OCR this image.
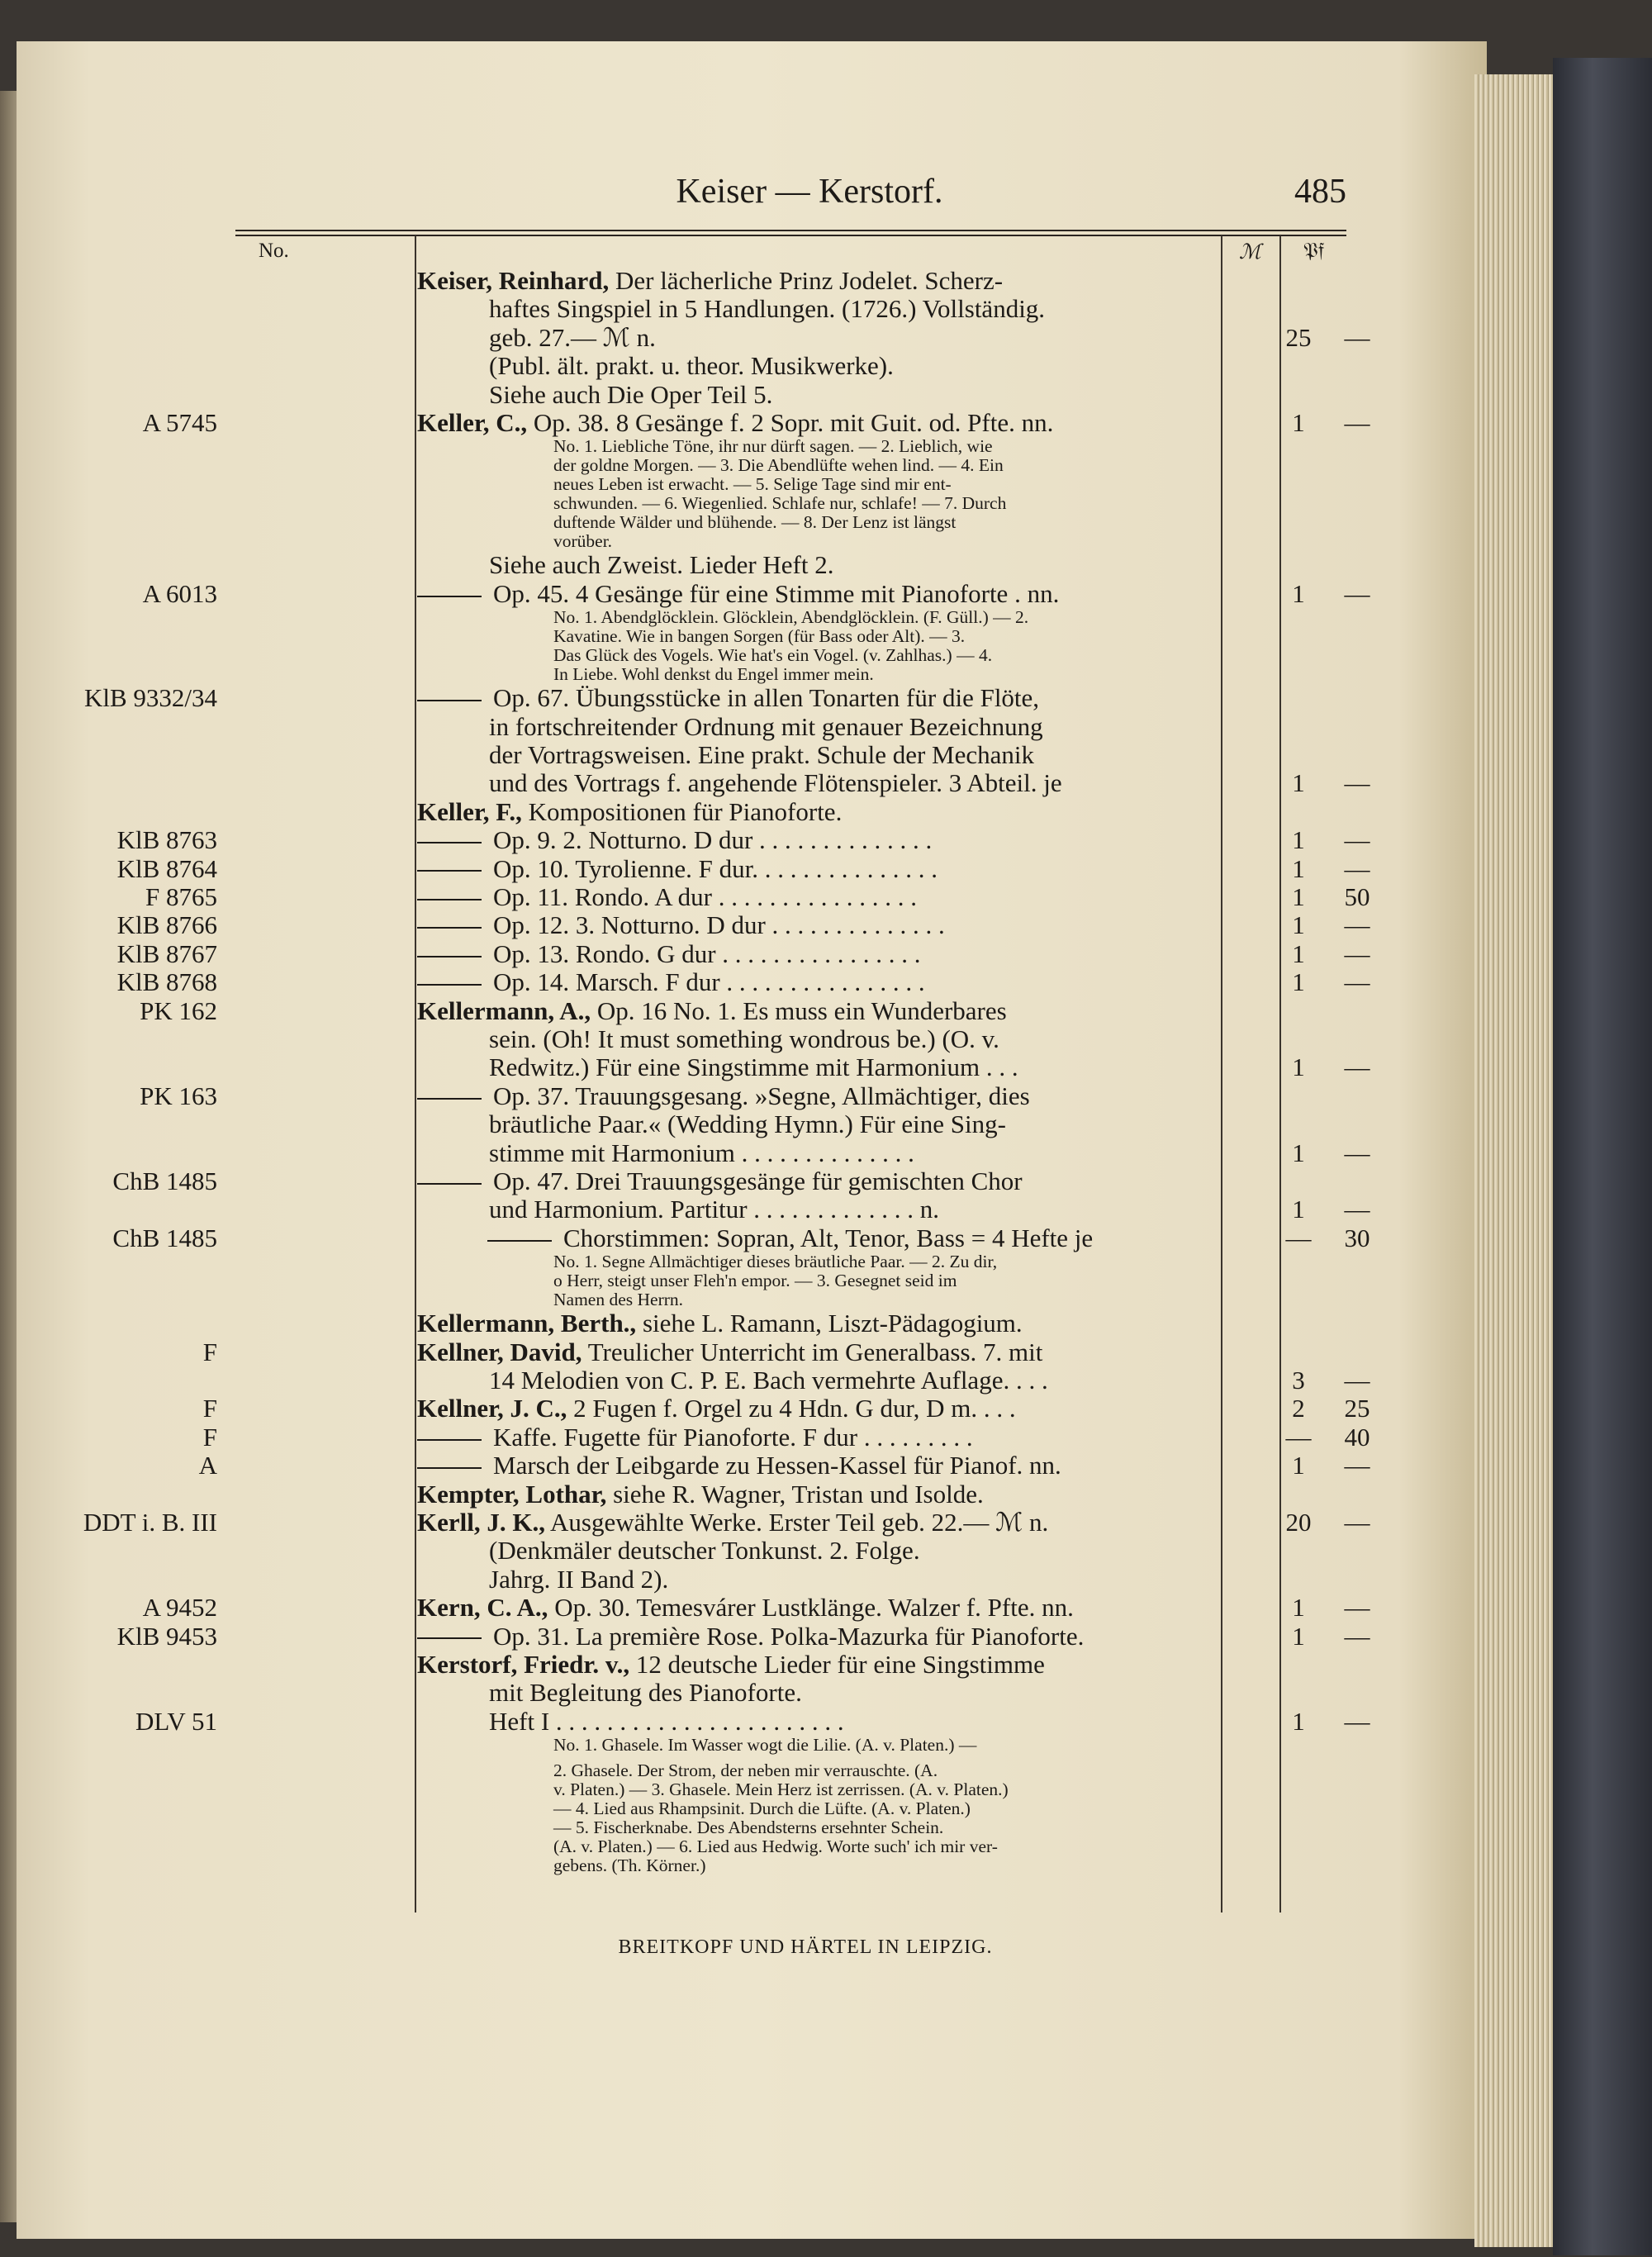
Keiser — Kerstorf.	485
No.	ℳ 𝔓𝔣
Keiser, Reinhard, Der lächerliche Prinz Jodelet. Scherz-
haftes Singspiel in 5 Handlungen. (1726.) Vollständig.
geb. 27.— ℳ n.	25	—
(Publ. ält. prakt. u. theor. Musikwerke).
Siehe auch Die Oper Teil 5.
A 5745	Keller, C., Op. 38. 8 Gesänge f. 2 Sopr. mit Guit. od. Pfte. nn.	1	—
No. 1. Liebliche Töne, ihr nur dürft sagen. — 2. Lieblich, wie
der goldne Morgen. — 3. Die Abendlüfte wehen lind. — 4. Ein
neues Leben ist erwacht. — 5. Selige Tage sind mir ent-
schwunden. — 6. Wiegenlied. Schlafe nur, schlafe! — 7. Durch
duftende Wälder und blühende. — 8. Der Lenz ist längst
vorüber.
Siehe auch Zweist. Lieder Heft 2.
A 6013	Op. 45. 4 Gesänge für eine Stimme mit Pianoforte . nn.	1	—
No. 1. Abendglöcklein. Glöcklein, Abendglöcklein. (F. Güll.) — 2.
Kavatine. Wie in bangen Sorgen (für Bass oder Alt). — 3.
Das Glück des Vogels. Wie hat's ein Vogel. (v. Zahlhas.) — 4.
In Liebe. Wohl denkst du Engel immer mein.
KlB 9332/34	Op. 67. Übungsstücke in allen Tonarten für die Flöte,
in fortschreitender Ordnung mit genauer Bezeichnung
der Vortragsweisen. Eine prakt. Schule der Mechanik
und des Vortrags f. angehende Flötenspieler. 3 Abteil. je	1	—
Keller, F., Kompositionen für Pianoforte.
KlB 8763	Op. 9. 2. Notturno. D dur . . . . . . . . . . . . . .	1	—
KlB 8764	Op. 10. Tyrolienne. F dur. . . . . . . . . . . . . . .	1	—
F 8765	Op. 11. Rondo. A dur . . . . . . . . . . . . . . . .	1	50
KlB 8766	Op. 12. 3. Notturno. D dur . . . . . . . . . . . . . .	1	—
KlB 8767	Op. 13. Rondo. G dur . . . . . . . . . . . . . . . .	1	—
KlB 8768	Op. 14. Marsch. F dur . . . . . . . . . . . . . . . .	1	—
PK 162	Kellermann, A., Op. 16 No. 1. Es muss ein Wunderbares
sein. (Oh! It must something wondrous be.) (O. v.
Redwitz.) Für eine Singstimme mit Harmonium . . .	1	—
PK 163	Op. 37. Trauungsgesang. »Segne, Allmächtiger, dies
bräutliche Paar.« (Wedding Hymn.) Für eine Sing-
stimme mit Harmonium . . . . . . . . . . . . . .	1	—
ChB 1485	Op. 47. Drei Trauungsgesänge für gemischten Chor
und Harmonium. Partitur . . . . . . . . . . . . . n.	1	—
ChB 1485	Chorstimmen: Sopran, Alt, Tenor, Bass = 4 Hefte je	—	30
No. 1. Segne Allmächtiger dieses bräutliche Paar. — 2. Zu dir,
o Herr, steigt unser Fleh'n empor. — 3. Gesegnet seid im
Namen des Herrn.
Kellermann, Berth., siehe L. Ramann, Liszt-Pädagogium.
F	Kellner, David, Treulicher Unterricht im Generalbass. 7. mit
14 Melodien von C. P. E. Bach vermehrte Auflage. . . .	3	—
F	Kellner, J. C., 2 Fugen f. Orgel zu 4 Hdn. G dur, D m. . . .	2	25
F	Kaffe. Fugette für Pianoforte. F dur . . . . . . . . .	—	40
A	Marsch der Leibgarde zu Hessen-Kassel für Pianof. nn.	1	—
Kempter, Lothar, siehe R. Wagner, Tristan und Isolde.
DDT i. B. III	Kerll, J. K., Ausgewählte Werke. Erster Teil geb. 22.— ℳ n.	20	—
(Denkmäler deutscher Tonkunst. 2. Folge.
Jahrg. II Band 2).
A 9452	Kern, C. A., Op. 30. Temesvárer Lustklänge. Walzer f. Pfte. nn.	1	—
KlB 9453	Op. 31. La première Rose. Polka-Mazurka für Pianoforte.	1	—
Kerstorf, Friedr. v., 12 deutsche Lieder für eine Singstimme
mit Begleitung des Pianoforte.
DLV 51	Heft I . . . . . . . . . . . . . . . . . . . . . . .	1	—
No. 1. Ghasele. Im Wasser wogt die Lilie. (A. v. Platen.) —
2. Ghasele. Der Strom, der neben mir verrauschte. (A.
v. Platen.) — 3. Ghasele. Mein Herz ist zerrissen. (A. v. Platen.)
— 4. Lied aus Rhampsinit. Durch die Lüfte. (A. v. Platen.)
— 5. Fischerknabe. Des Abendsterns ersehnter Schein.
(A. v. Platen.) — 6. Lied aus Hedwig. Worte such' ich mir ver-
gebens. (Th. Körner.)
BREITKOPF UND HÄRTEL IN LEIPZIG.
